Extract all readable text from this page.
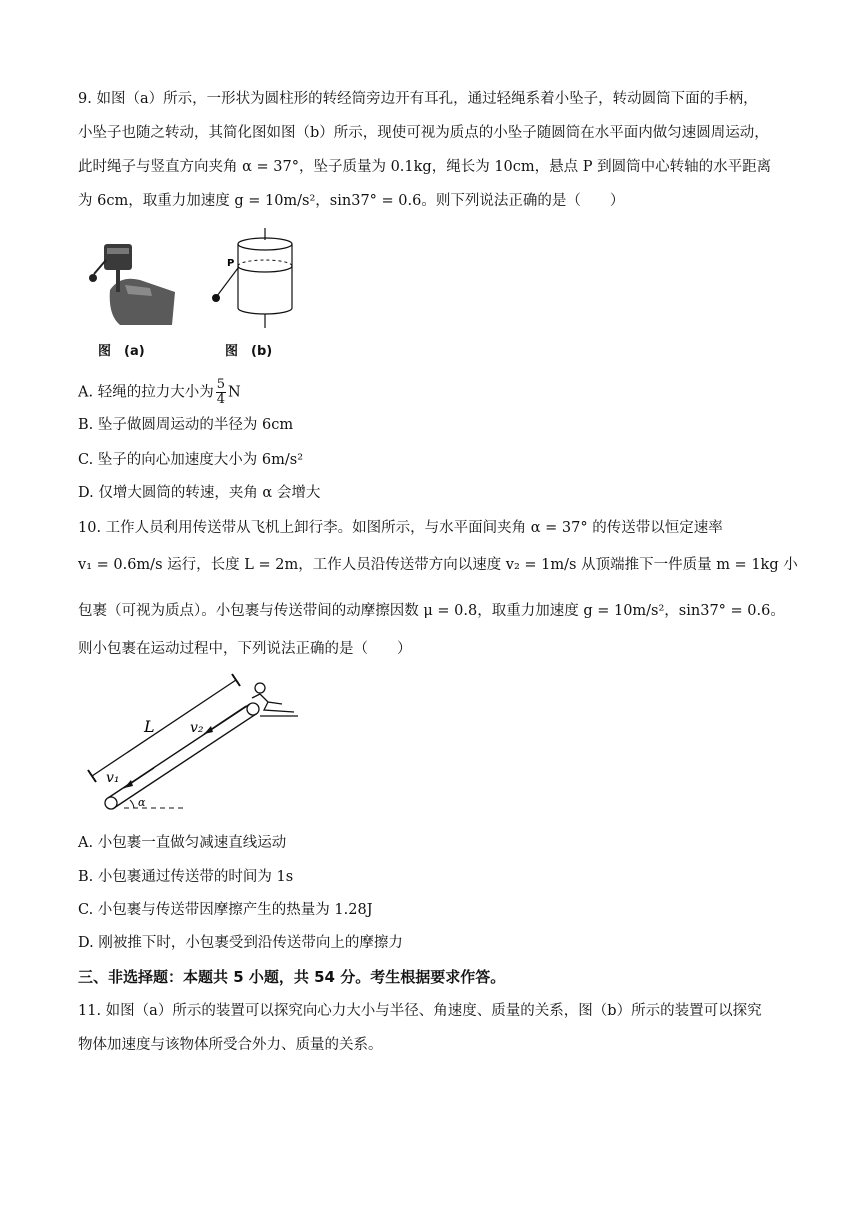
9. 如图（a）所示，一形状为圆柱形的转经筒旁边开有耳孔，通过轻绳系着小坠子，转动圆筒下面的手柄，
小坠子也随之转动，其简化图如图（b）所示，现使可视为质点的小坠子随圆筒在水平面内做匀速圆周运动，
此时绳子与竖直方向夹角 α = 37°，坠子质量为 0.1kg，绳长为 10cm，悬点 P 到圆筒中心转轴的水平距离
为 6cm，取重力加速度 g = 10m/s²，sin37° = 0.6。则下列说法正确的是（　　）
图　(a)
P
图　(b)
A. 轻绳的拉力大小为 $\frac{5}{4}$ N
B. 坠子做圆周运动的半径为 6cm
C. 坠子的向心加速度大小为 6m/s²
D. 仅增大圆筒的转速，夹角 α 会增大
10. 工作人员利用传送带从飞机上卸行李。如图所示，与水平面间夹角 α = 37° 的传送带以恒定速率
v₁ = 0.6m/s 运行，长度 L = 2m，工作人员沿传送带方向以速度 v₂ = 1m/s 从顶端推下一件质量 m = 1kg 小
包裹（可视为质点）。小包裹与传送带间的动摩擦因数 μ = 0.8，取重力加速度 g = 10m/s²，sin37° = 0.6。
则小包裹在运动过程中，下列说法正确的是（　　）
L	v₂
v₁
α
A. 小包裹一直做匀减速直线运动
B. 小包裹通过传送带的时间为 1s
C. 小包裹与传送带因摩擦产生的热量为 1.28J
D. 刚被推下时，小包裹受到沿传送带向上的摩擦力
三、非选择题：本题共 5 小题，共 54 分。考生根据要求作答。
11. 如图（a）所示的装置可以探究向心力大小与半径、角速度、质量的关系，图（b）所示的装置可以探究
物体加速度与该物体所受合外力、质量的关系。
